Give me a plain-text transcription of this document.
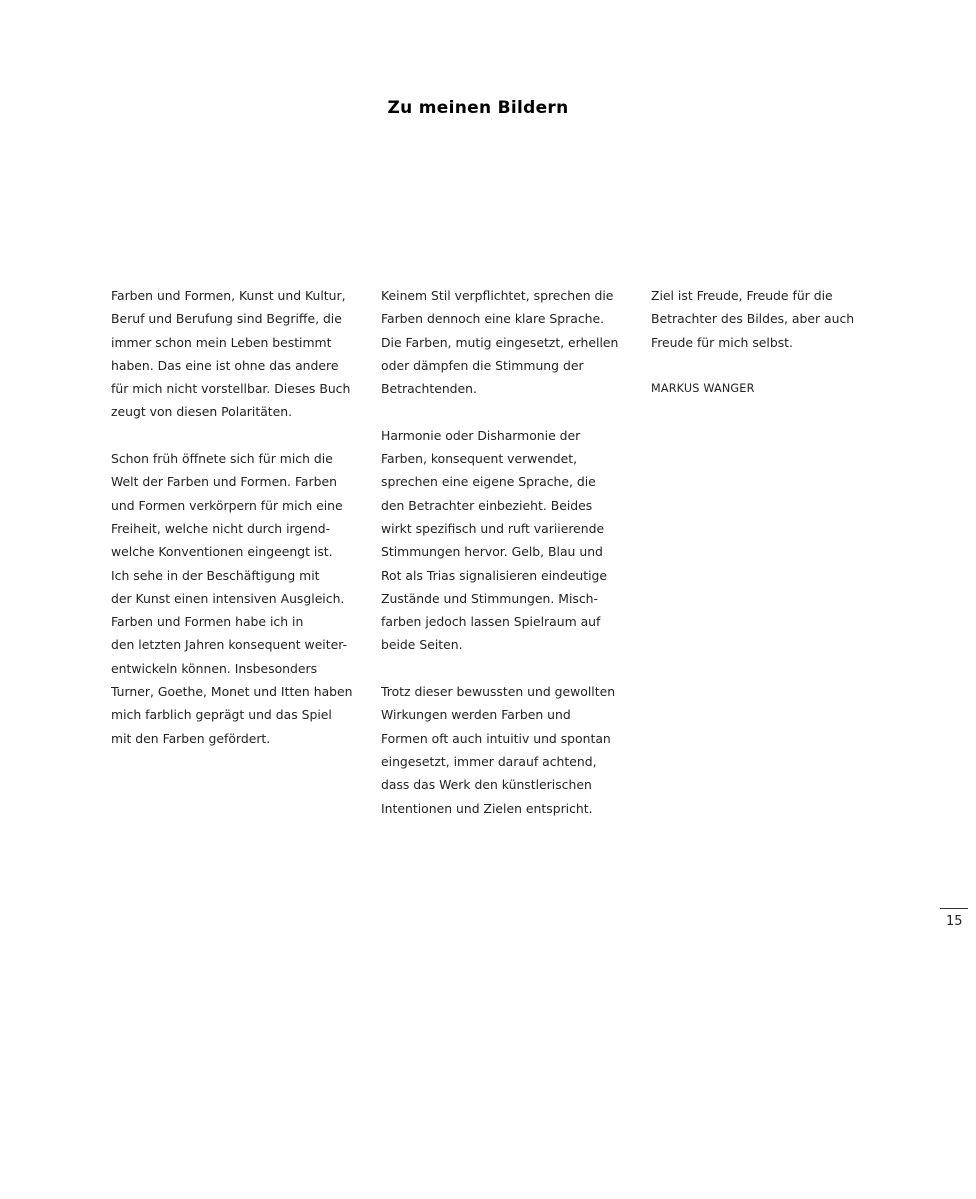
Zu meinen Bildern

Farben und Formen, Kunst und Kultur,
Beruf und Berufung sind Begriffe, die
immer schon mein Leben bestimmt
haben. Das eine ist ohne das andere
für mich nicht vorstellbar. Dieses Buch
zeugt von diesen Polaritäten.

Schon früh öffnete sich für mich die
Welt der Farben und Formen. Farben
und Formen verkörpern für mich eine
Freiheit, welche nicht durch irgend-
welche Konventionen eingeengt ist.
Ich sehe in der Beschäftigung mit
der Kunst einen intensiven Ausgleich.
Farben und Formen habe ich in
den letzten Jahren konsequent weiter-
entwickeln können. Insbesonders
Turner, Goethe, Monet und Itten haben
mich farblich geprägt und das Spiel
mit den Farben gefördert.

Keinem Stil verpflichtet, sprechen die
Farben dennoch eine klare Sprache.
Die Farben, mutig eingesetzt, erhellen
oder dämpfen die Stimmung der
Betrachtenden.

Harmonie oder Disharmonie der
Farben, konsequent verwendet,
sprechen eine eigene Sprache, die
den Betrachter einbezieht. Beides
wirkt spezifisch und ruft variierende
Stimmungen hervor. Gelb, Blau und
Rot als Trias signalisieren eindeutige
Zustände und Stimmungen. Misch-
farben jedoch lassen Spielraum auf
beide Seiten.

Trotz dieser bewussten und gewollten
Wirkungen werden Farben und
Formen oft auch intuitiv und spontan
eingesetzt, immer darauf achtend,
dass das Werk den künstlerischen
Intentionen und Zielen entspricht.

Ziel ist Freude, Freude für die
Betrachter des Bildes, aber auch
Freude für mich selbst.

MARKUS WANGER
15
